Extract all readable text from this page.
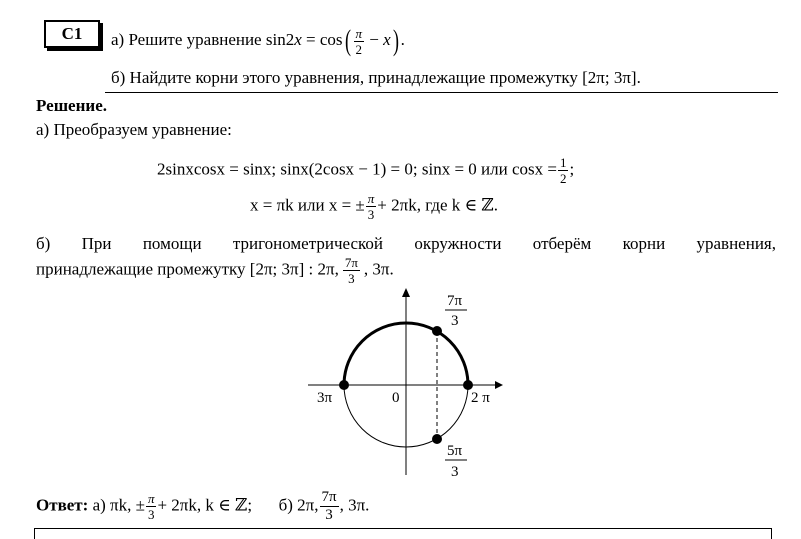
C1	а) Решите уравнение $\sin 2x = \cos( \frac{\pi}{2} - x)$ .
б) Найдите корни этого уравнения, принадлежащие промежутку [2π; 3π].
Решение.
а) Преобразуем уравнение:
2sinxcosx = sinx; sinx(2cosx − 1) = 0; sinx = 0 или $\cos x = \frac{1}{2}$ ;
x = πk или x = ± $\frac{\pi}{3} + 2\pi k$, где k ∈ ℤ.
б) При помощи тригонометрической окружности отберём корни уравнения,
принадлежащие промежутку [2π; 3π] : 2π, $\frac{7\pi}{3}$ , 3π.
0
3π	2 π
7π
3
5π
3
Ответ: а) πk, ± $\frac{\pi}{3} + 2\pi k$, k ∈ ℤ; б) 2π, $\frac{7\pi}{3}$ , 3π.
